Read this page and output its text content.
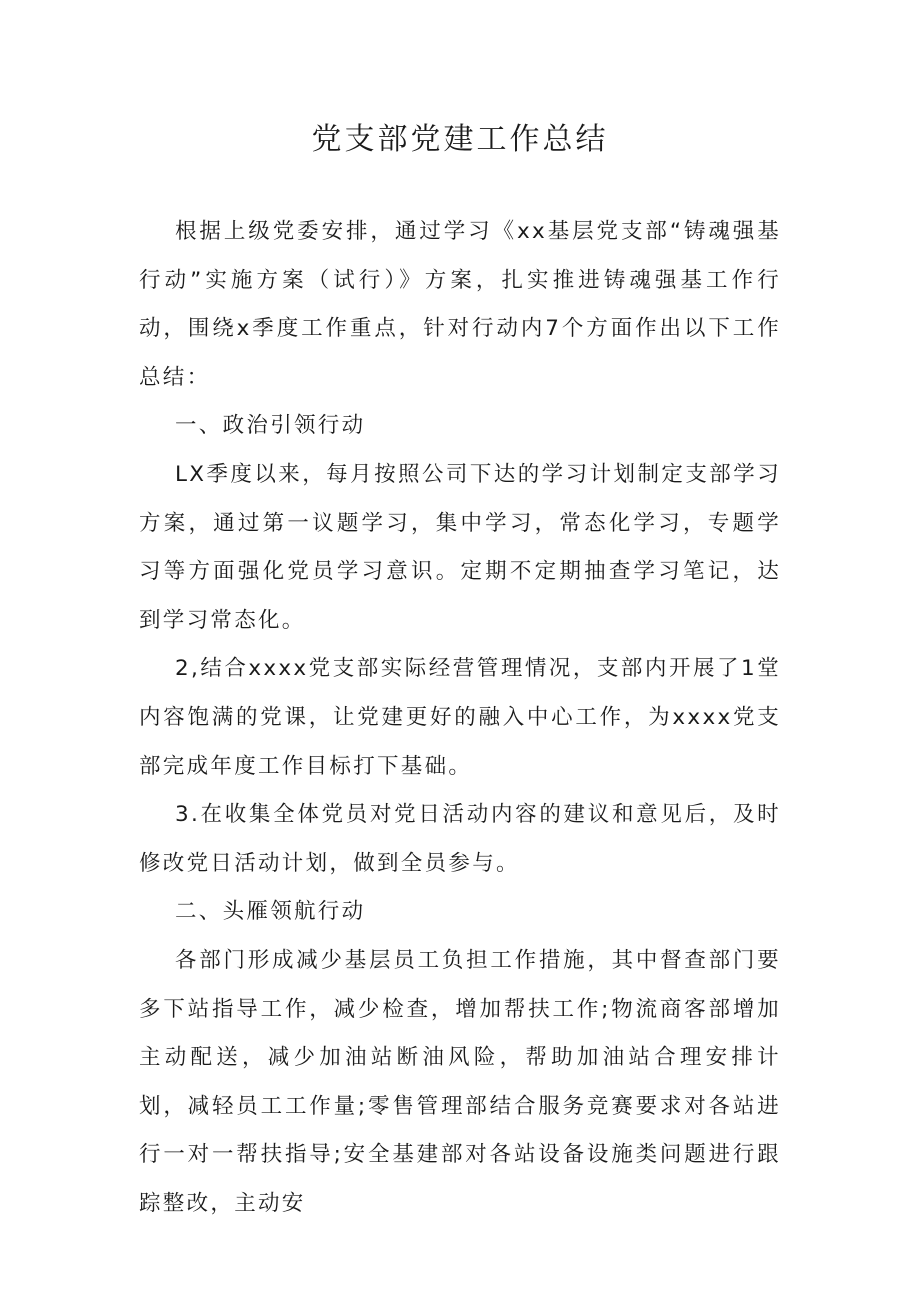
党支部党建工作总结

根据上级党委安排，通过学习《xx基层党支部“铸魂强基行动”实施方案（试行）》方案，扎实推进铸魂强基工作行动，围绕x季度工作重点，针对行动内7个方面作出以下工作总结：

一、政治引领行动

LX季度以来，每月按照公司下达的学习计划制定支部学习方案，通过第一议题学习，集中学习，常态化学习，专题学习等方面强化党员学习意识。定期不定期抽查学习笔记，达到学习常态化。

2,结合xxxx党支部实际经营管理情况，支部内开展了1堂内容饱满的党课，让党建更好的融入中心工作，为xxxx党支部完成年度工作目标打下基础。

3.在收集全体党员对党日活动内容的建议和意见后，及时修改党日活动计划，做到全员参与。

二、头雁领航行动

各部门形成减少基层员工负担工作措施，其中督查部门要多下站指导工作，减少检查，增加帮扶工作;物流商客部增加主动配送，减少加油站断油风险，帮助加油站合理安排计划，减轻员工工作量;零售管理部结合服务竞赛要求对各站进行一对一帮扶指导;安全基建部对各站设备设施类问题进行跟踪整改，主动安
